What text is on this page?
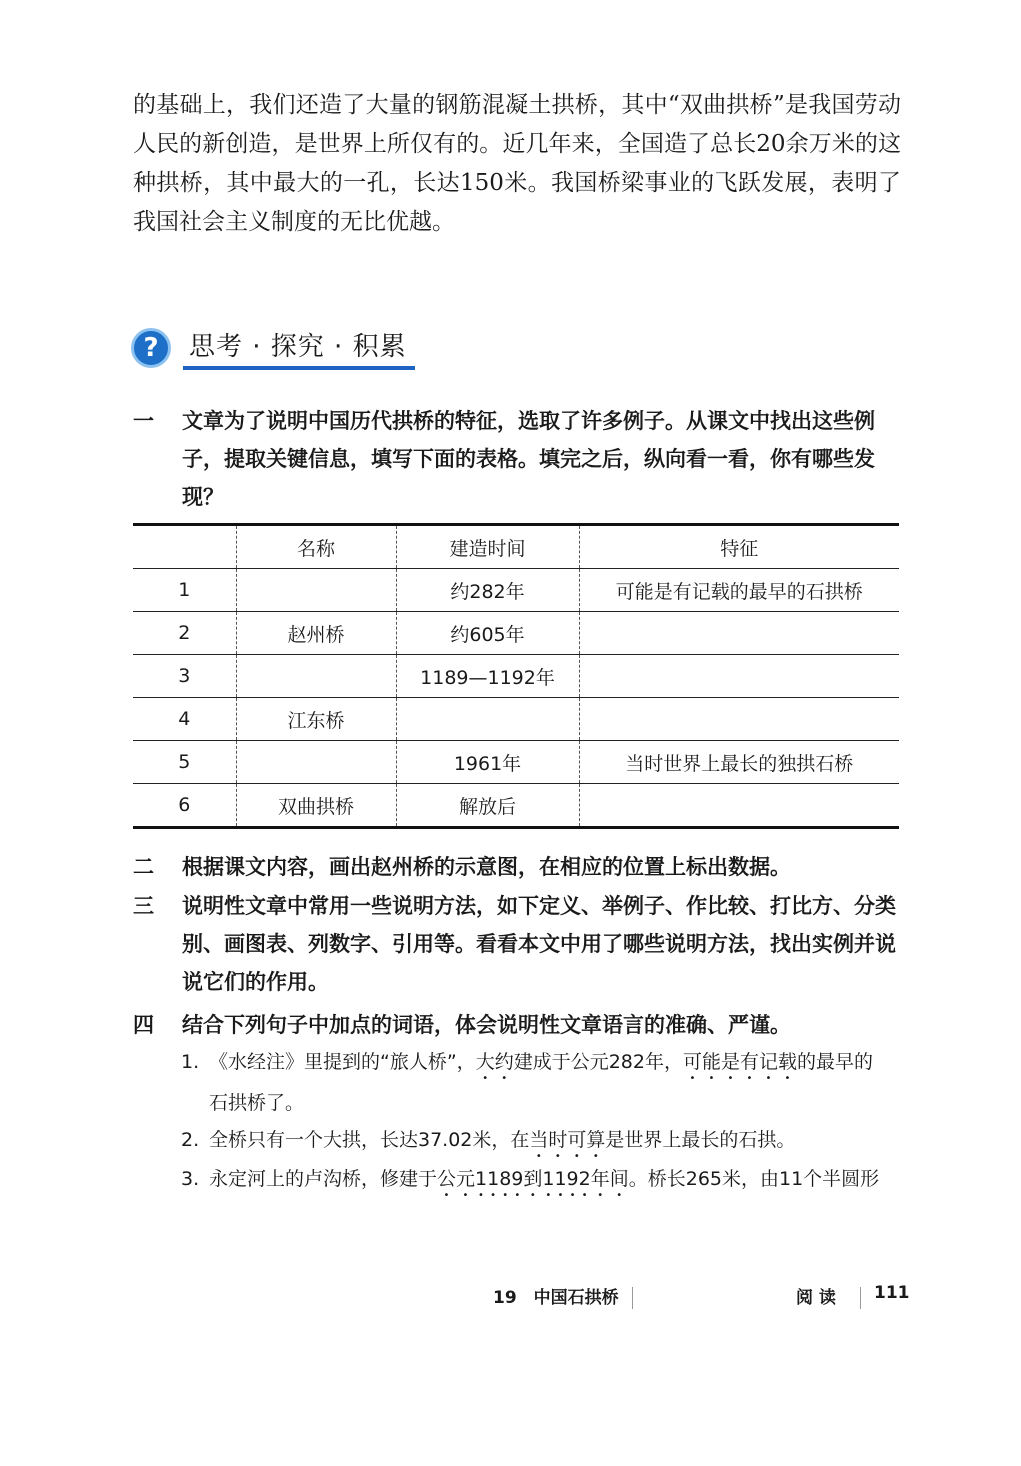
的基础上，我们还造了大量的钢筋混凝土拱桥，其中“双曲拱桥”是我国劳动人民的新创造，是世界上所仅有的。近几年来，全国造了总长20余万米的这种拱桥，其中最大的一孔，长达150米。我国桥梁事业的飞跃发展，表明了我国社会主义制度的无比优越。

?	思考 · 探究 · 积累
一 文章为了说明中国历代拱桥的特征，选取了许多例子。从课文中找出这些例子，提取关键信息，填写下面的表格。填完之后，纵向看一看，你有哪些发现？
	名称	建造时间	特征
1		约282年	可能是有记载的最早的石拱桥
2	赵州桥	约605年	
3		1189—1192年	
4	江东桥		
5		1961年	当时世界上最长的独拱石桥
6	双曲拱桥	解放后	
二 根据课文内容，画出赵州桥的示意图，在相应的位置上标出数据。
三 说明性文章中常用一些说明方法，如下定义、举例子、作比较、打比方、分类别、画图表、列数字、引用等。看看本文中用了哪些说明方法，找出实例并说说它们的作用。
四 结合下列句子中加点的词语，体会说明性文章语言的准确、严谨。
1. 《水经注》里提到的“旅人桥”，大约建成于公元282年，可能是有记载的最早的
石拱桥了。
2. 全桥只有一个大拱，长达37.02米，在当时可算是世界上最长的石拱。
3. 永定河上的卢沟桥，修建于公元1189到1192年间。桥长265米，由11个半圆形
19　中国石拱桥	阅 读 111
